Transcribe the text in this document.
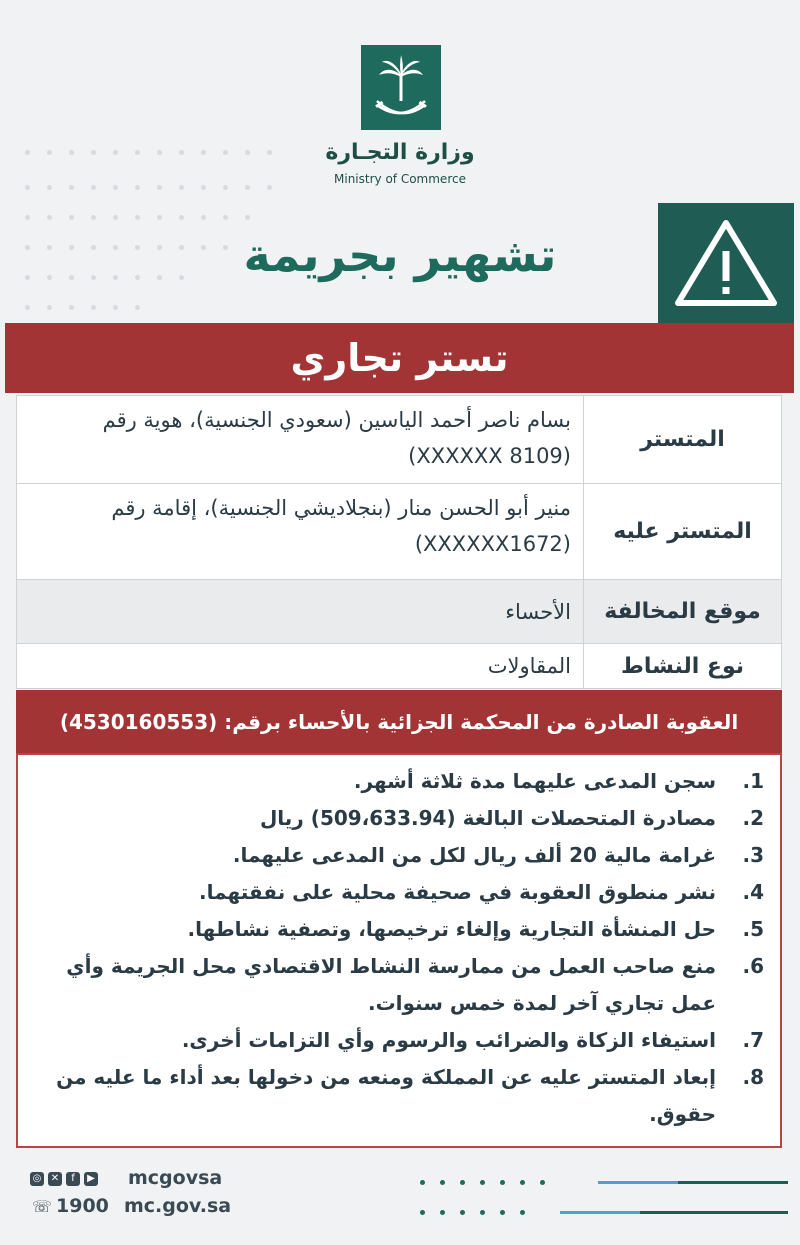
وزارة التجـارة
Ministry of Commerce
تشهير بجريمة
تستر تجاري
المتستر
بسام ناصر أحمد الياسين (سعودي الجنسية)، هوية رقم (XXXXXX 8109)
المتستر عليه
منير أبو الحسن منار (بنجلاديشي الجنسية)، إقامة رقم (XXXXXX1672)
موقع المخالفة
الأحساء
نوع النشاط
المقاولات
العقوبة الصادرة من المحكمة الجزائية بالأحساء برقم: (4530160553)
1.
سجن المدعى عليهما مدة ثلاثة أشهر.
2.
مصادرة المتحصلات البالغة (509،633.94) ريال
3.
غرامة مالية 20 ألف ريال لكل من المدعى عليهما.
4.
نشر منطوق العقوبة في صحيفة محلية على نفقتهما.
5.
حل المنشأة التجارية وإلغاء ترخيصها، وتصفية نشاطها.
6.
منع صاحب العمل من ممارسة النشاط الاقتصادي محل الجريمة وأي عمل تجاري آخر لمدة خمس سنوات.
7.
استيفاء الزكاة والضرائب والرسوم وأي التزامات أخرى.
8.
إبعاد المتستر عليه عن المملكة ومنعه من دخولها بعد أداء ما عليه من حقوق.
◎ ✕	f	▶ mcgovsa
☏ 1900 mc.gov.sa
